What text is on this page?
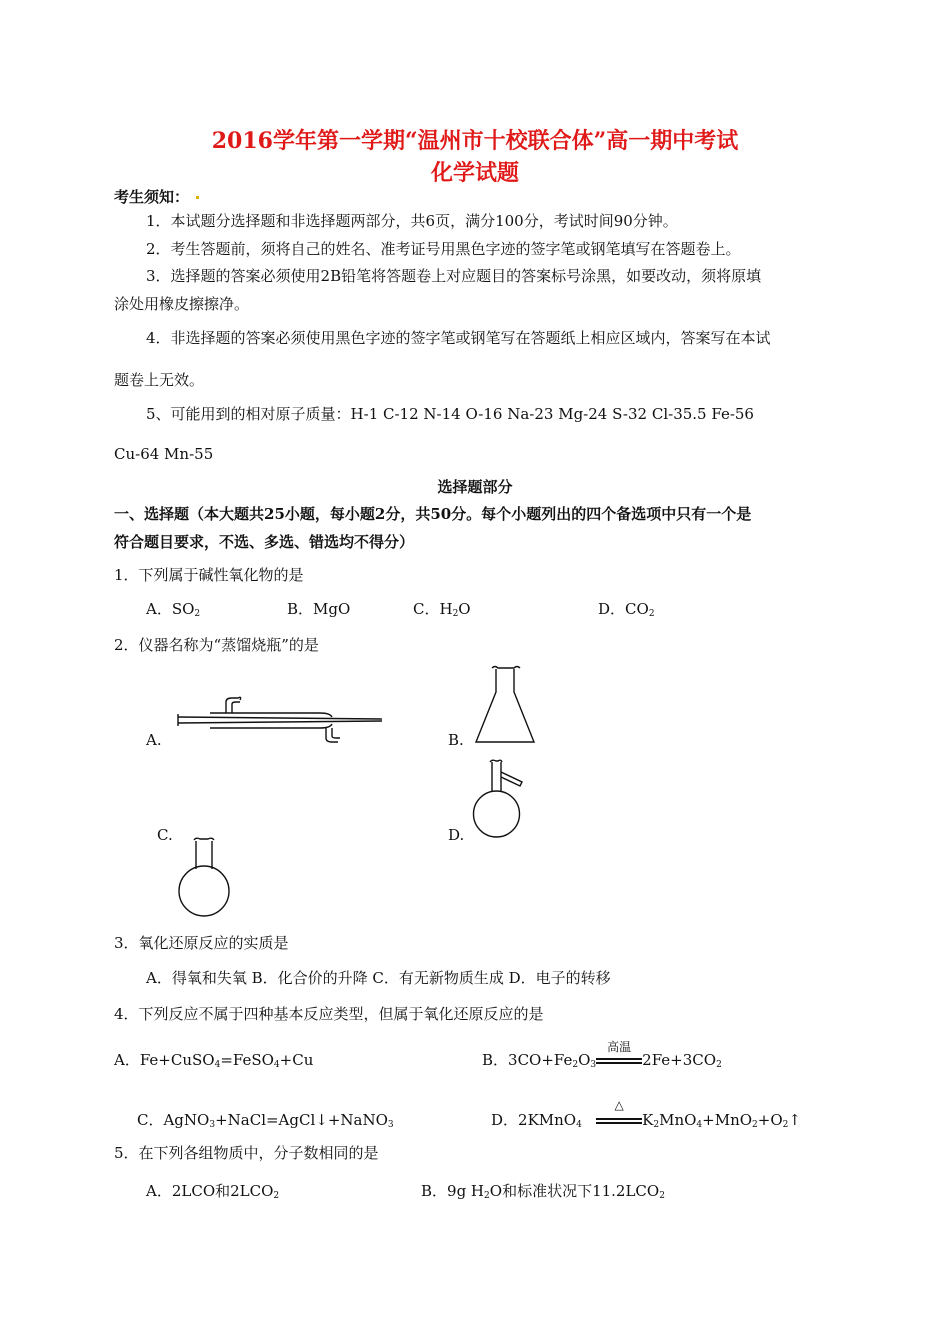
2016学年第一学期“温州市十校联合体”高一期中考试
化学试题
考生须知：
1．本试题分选择题和非选择题两部分，共6页，满分100分，考试时间90分钟。
2．考生答题前，须将自己的姓名、准考证号用黑色字迹的签字笔或钢笔填写在答题卷上。
3．选择题的答案必须使用2B铅笔将答题卷上对应题目的答案标号涂黑，如要改动，须将原填
涂处用橡皮擦擦净。
4．非选择题的答案必须使用黑色字迹的签字笔或钢笔写在答题纸上相应区域内，答案写在本试
题卷上无效。
5、可能用到的相对原子质量：H-1 C-12 N-14 O-16 Na-23 Mg-24 S-32 Cl-35.5 Fe-56
Cu-64 Mn-55
选择题部分
一、选择题（本大题共25小题，每小题2分，共50分。每个小题列出的四个备选项中只有一个是
符合题目要求，不选、多选、错选均不得分）
1．下列属于碱性氧化物的是
A．$SO_2$	B．MgO	C．$H_2O$	D．$CO_2$
2．仪器名称为“蒸馏烧瓶”的是
A.	B.
C.	D.
3．氧化还原反应的实质是
A．得氧和失氧 B．化合价的升降 C．有无新物质生成 D．电子的转移
4．下列反应不属于四种基本反应类型，但属于氧化还原反应的是
A．Fe+CuSO$_4$=FeSO$_4$+Cu	B．$3CO+Fe_2O_3$
高温
$2Fe+3CO_2$
C．AgNO$_3$+NaCl=AgCl↓+NaNO$_3$	D．2KMnO$_4$
△
$K_2MnO_4+MnO_2+O_2↑$
5．在下列各组物质中，分子数相同的是
A．2LCO和$2LCO_2$	B．9g $H_2O$和标准状况下$11.2LCO_2$
